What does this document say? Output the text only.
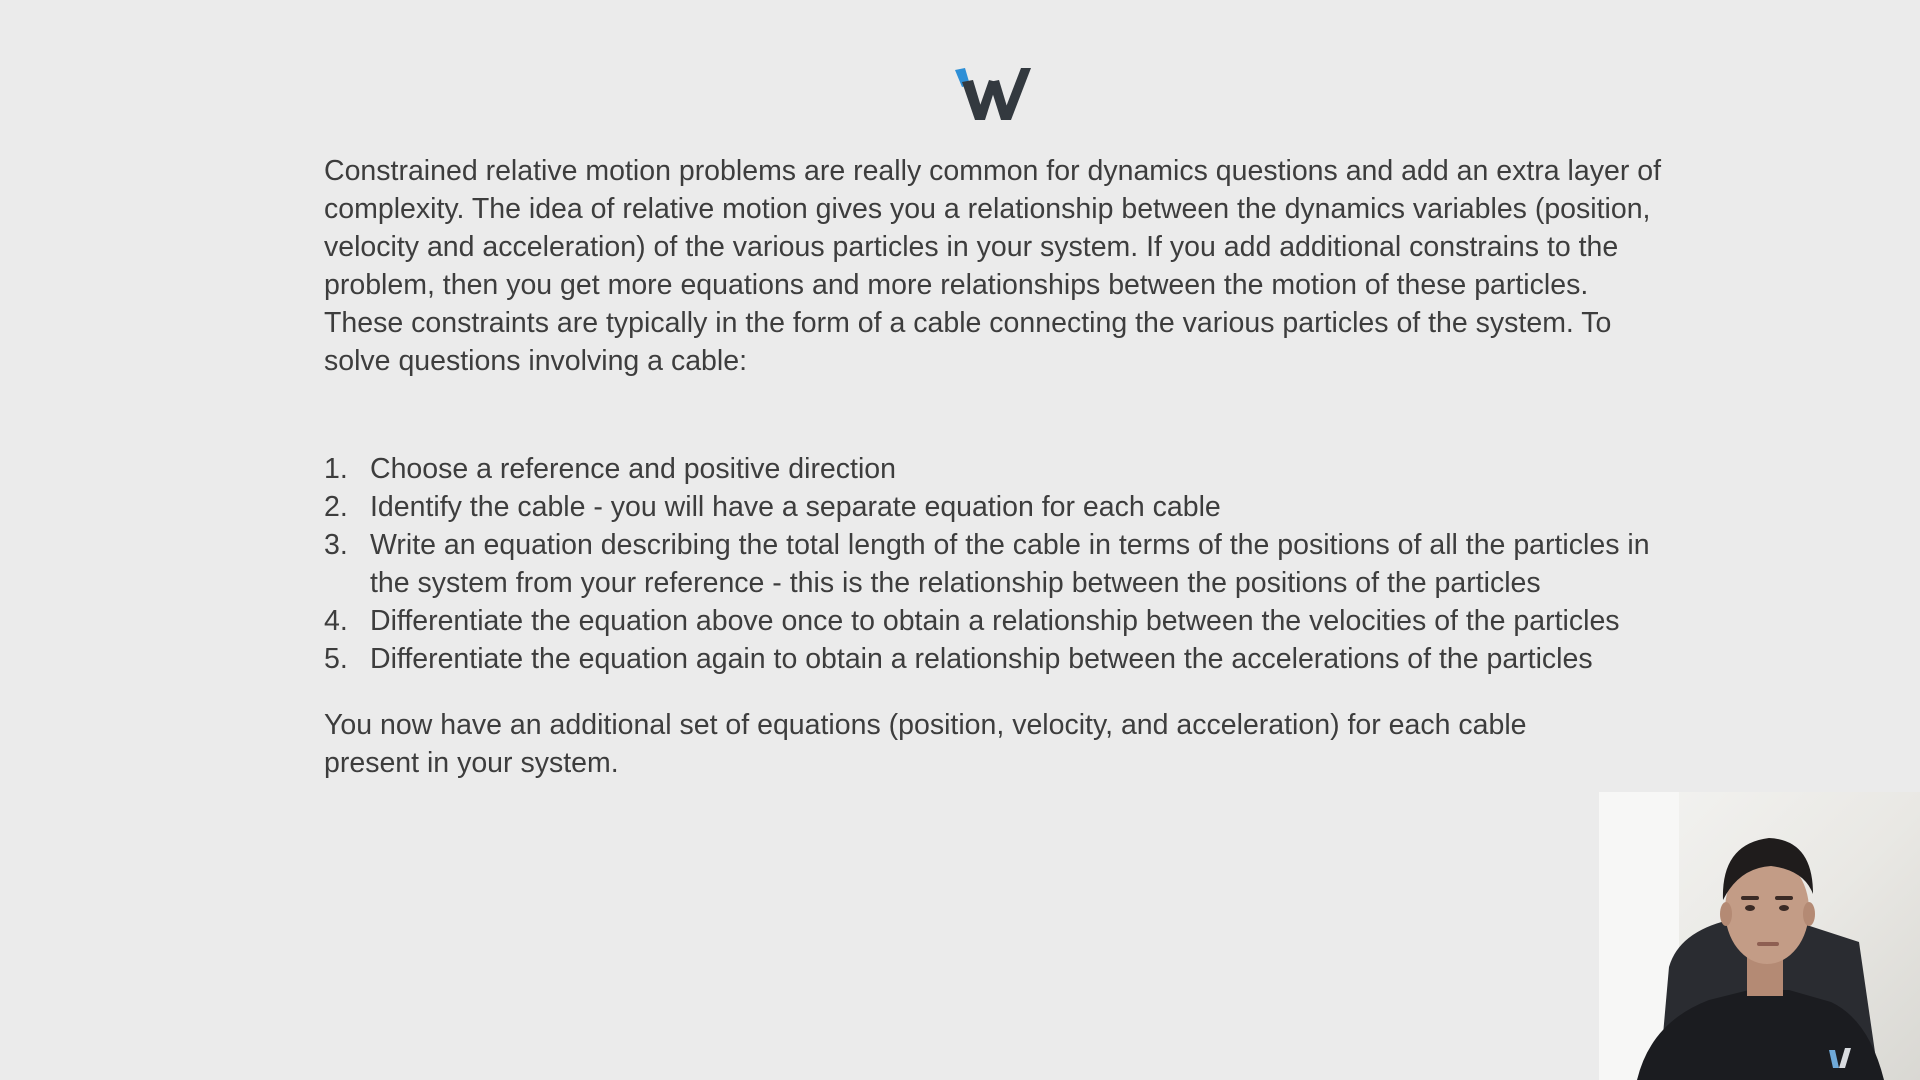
Constrained relative motion problems are really common for dynamics questions and add an extra layer of complexity. The idea of relative motion gives you a relationship between the dynamics variables (position, velocity and acceleration) of the various particles in your system. If you add additional constrains to the problem, then you get more equations and more relationships between the motion of these particles. These constraints are typically in the form of a cable connecting the various particles of the system. To solve questions involving a cable:

1. Choose a reference and positive direction
2. Identify the cable - you will have a separate equation for each cable
3. Write an equation describing the total length of the cable in terms of the positions of all the particles in the system from your reference - this is the relationship between the positions of the particles
4. Differentiate the equation above once to obtain a relationship between the velocities of the particles
5. Differentiate the equation again to obtain a relationship between the accelerations of the particles

You now have an additional set of equations (position, velocity, and acceleration) for each cable present in your system.
